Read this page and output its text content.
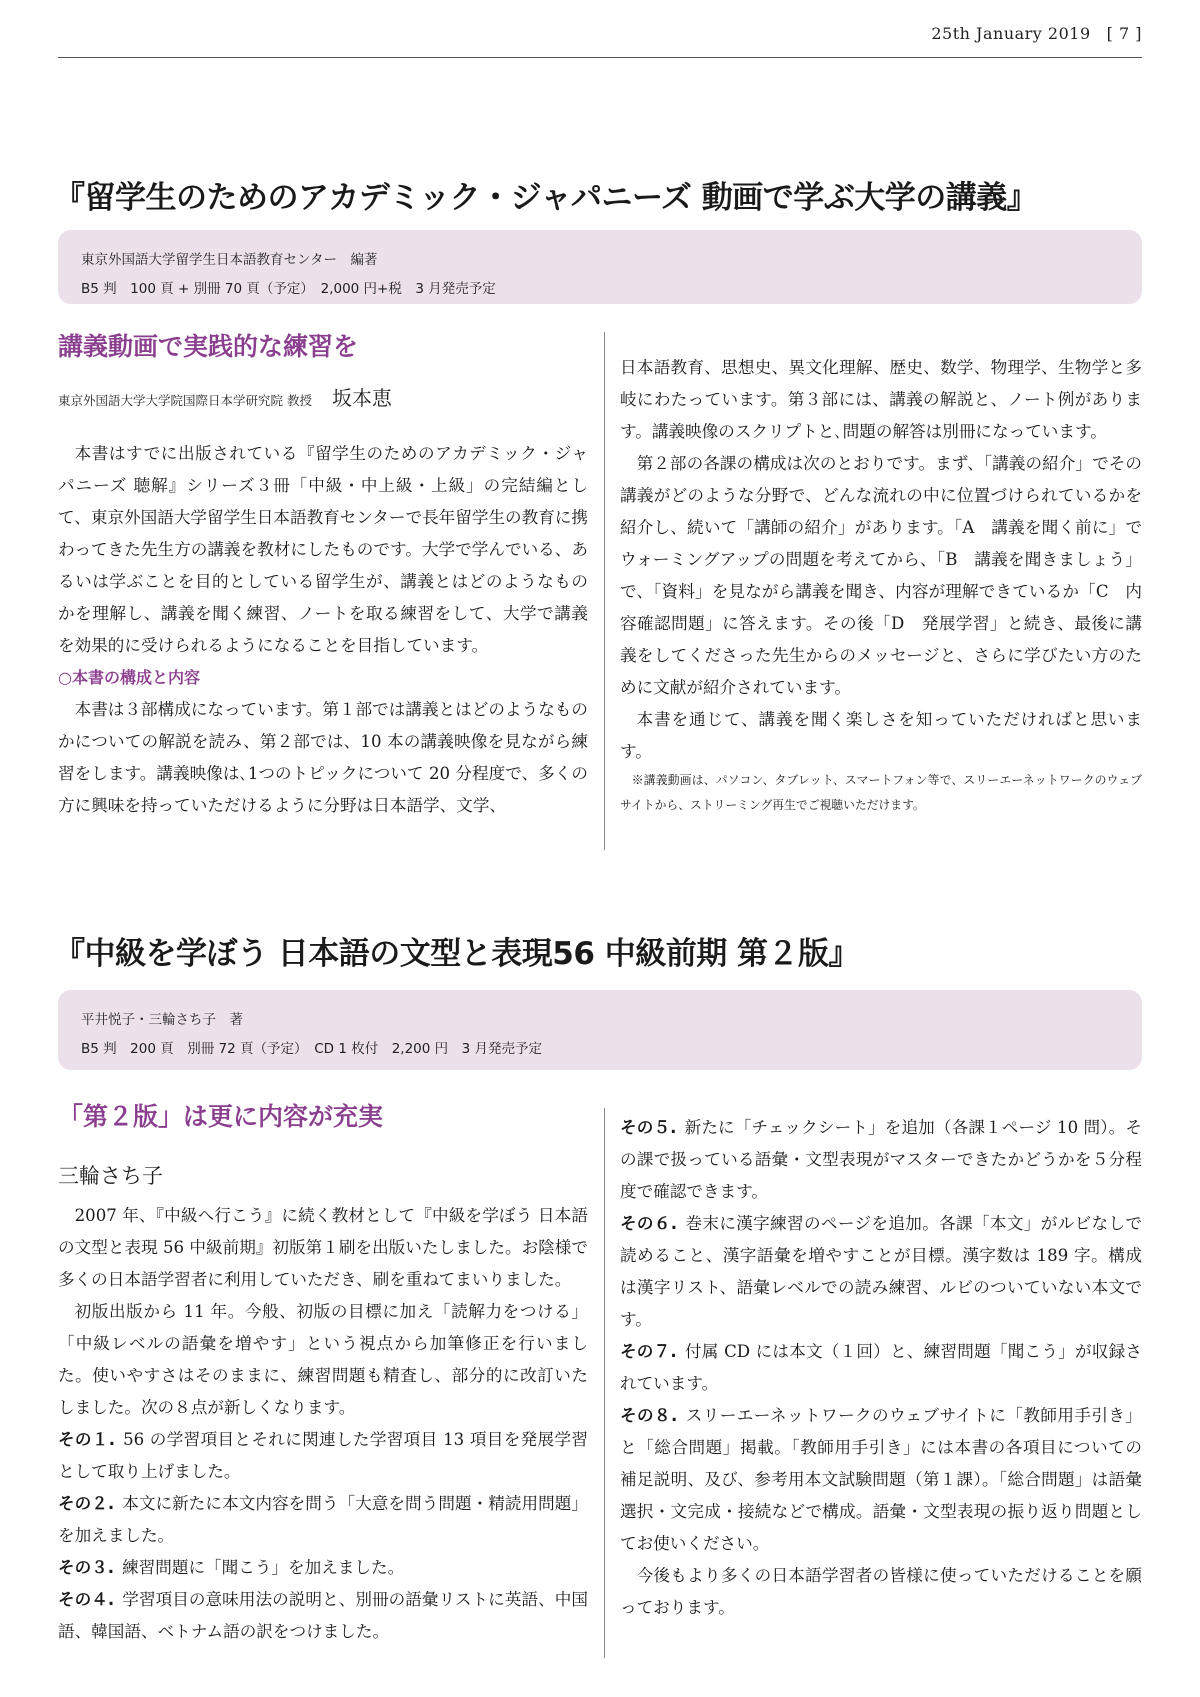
25th January 2019 [ 7 ]
『留学生のためのアカデミック・ジャパニーズ 動画で学ぶ大学の講義』
東京外国語大学留学生日本語教育センター　編著
B5 判　100 頁 + 別冊 70 頁（予定）　2,000 円+税　3 月発売予定
講義動画で実践的な練習を
東京外国語大学大学院国際日本学研究院 教授 坂本恵

本書はすでに出版されている『留学生のためのアカデミック・ジャパニーズ 聴解』シリーズ３冊「中級・中上級・上級」の完結編として、東京外国語大学留学生日本語教育センターで長年留学生の教育に携わってきた先生方の講義を教材にしたものです。大学で学んでいる、あるいは学ぶことを目的としている留学生が、講義とはどのようなものかを理解し、講義を聞く練習、ノートを取る練習をして、大学で講義を効果的に受けられるようになることを目指しています。

○本書の構成と内容

本書は３部構成になっています。第１部では講義とはどのようなものかについての解説を読み、第２部では、10 本の講義映像を見ながら練習をします。講義映像は､1つのトピックについて 20 分程度で、多くの方に興味を持っていただけるように分野は日本語学、文学、

日本語教育、思想史、異文化理解、歴史、数学、物理学、生物学と多岐にわたっています。第３部には、講義の解説と、ノート例があります。講義映像のスクリプトと､問題の解答は別冊になっています。

第２部の各課の構成は次のとおりです。まず、「講義の紹介」でその講義がどのような分野で、どんな流れの中に位置づけられているかを紹介し、続いて「講師の紹介」があります。「A　講義を聞く前に」でウォーミングアップの問題を考えてから、「B　講義を聞きましょう」で、「資料」を見ながら講義を聞き、内容が理解できているか「C　内容確認問題」に答えます。その後「D　発展学習」と続き、最後に講義をしてくださった先生からのメッセージと、さらに学びたい方のために文献が紹介されています。

本書を通じて、講義を聞く楽しさを知っていただければと思います。

※講義動画は、パソコン、タブレット、スマートフォン等で、スリーエーネットワークのウェブサイトから、ストリーミング再生でご視聴いただけます。

『中級を学ぼう 日本語の文型と表現56 中級前期 第２版』
平井悦子・三輪さち子　著
B5 判　200 頁　別冊 72 頁（予定）　CD 1 枚付　2,200 円　3 月発売予定
「第２版」は更に内容が充実
三輪さち子

2007 年、『中級へ行こう』に続く教材として『中級を学ぼう 日本語の文型と表現 56 中級前期』初版第１刷を出版いたしました。お陰様で多くの日本語学習者に利用していただき、刷を重ねてまいりました。

初版出版から 11 年。今般、初版の目標に加え「読解力をつける」「中級レベルの語彙を増やす」という視点から加筆修正を行いました。使いやすさはそのままに、練習問題も精査し、部分的に改訂いたしました。次の８点が新しくなります。

その１. 56 の学習項目とそれに関連した学習項目 13 項目を発展学習として取り上げました。

その２. 本文に新たに本文内容を問う「大意を問う問題・精読用問題」を加えました。

その３. 練習問題に「聞こう」を加えました。

その４. 学習項目の意味用法の説明と、別冊の語彙リストに英語、中国語、韓国語、ベトナム語の訳をつけました。

その５. 新たに「チェックシート」を追加（各課１ページ 10 問）。その課で扱っている語彙・文型表現がマスターできたかどうかを５分程度で確認できます。

その６. 巻末に漢字練習のページを追加。各課「本文」がルビなしで読めること、漢字語彙を増やすことが目標。漢字数は 189 字。構成は漢字リスト、語彙レベルでの読み練習、ルビのついていない本文です。

その７. 付属 CD には本文（１回）と、練習問題「聞こう」が収録されています。

その８. スリーエーネットワークのウェブサイトに「教師用手引き」と「総合問題」掲載。「教師用手引き」には本書の各項目についての補足説明、及び、参考用本文試験問題（第１課）。「総合問題」は語彙選択・文完成・接続などで構成。語彙・文型表現の振り返り問題としてお使いください。

今後もより多くの日本語学習者の皆様に使っていただけることを願っております。
